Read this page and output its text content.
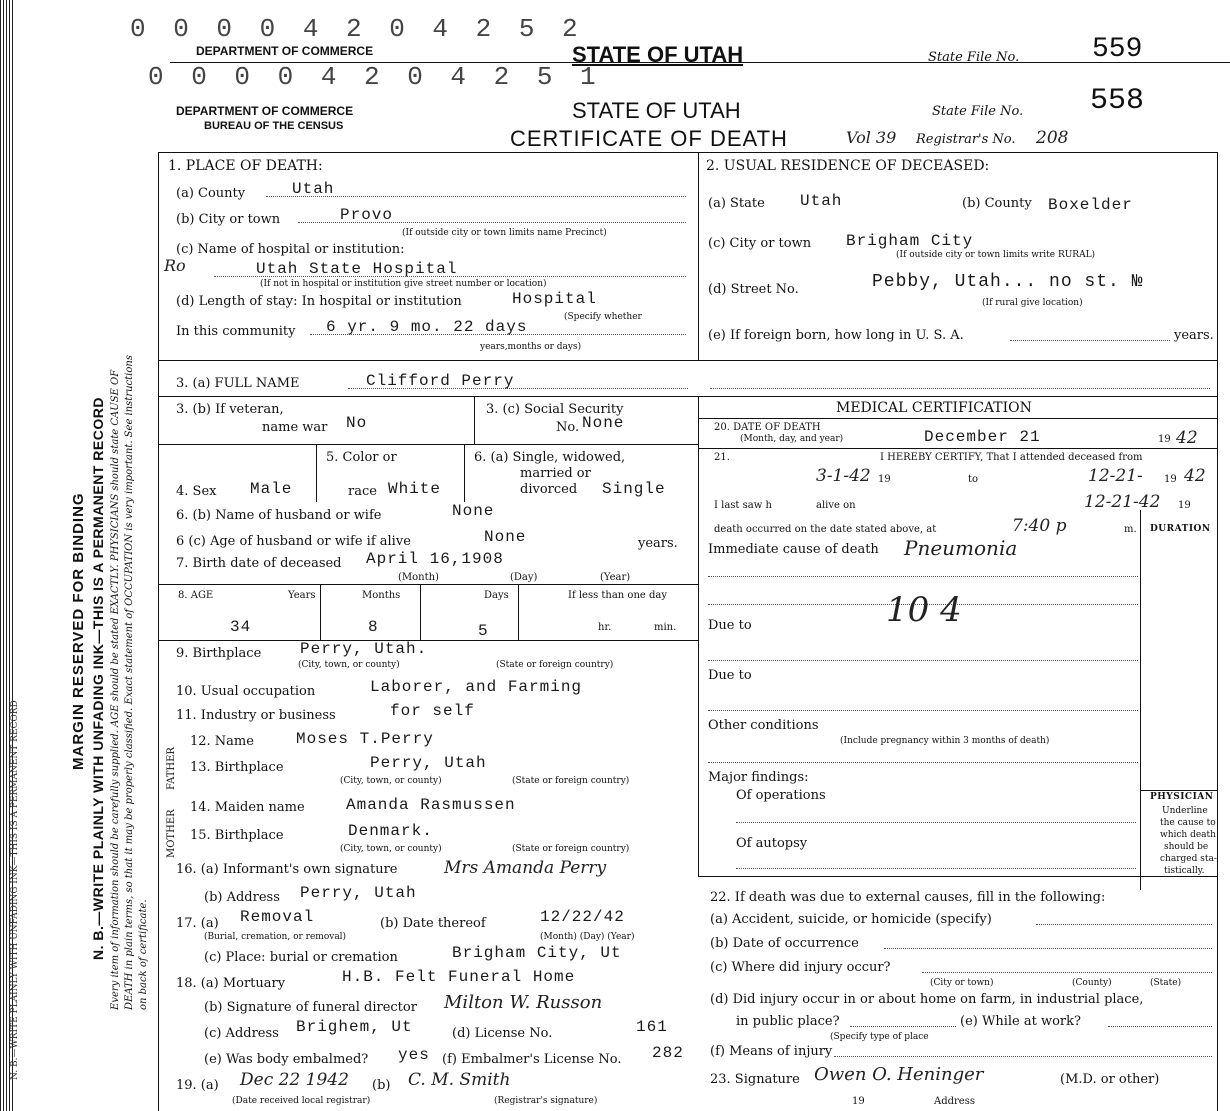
N. B.—WRITE PLAINLY WITH UNFADING INK—THIS IS A PERMANENT RECORD
0 0 0 0 4 2 0 4 2 5 2
DEPARTMENT OF COMMERCE	STATE OF UTAH	State File No.	559
0 0 0 0 4 2 0 4 2 5 1
DEPARTMENT OF COMMERCE
BUREAU OF THE CENSUS
STATE OF UTAH
CERTIFICATE OF DEATH
State File No. 558
Vol 39 Registrar's No. 208
MARGIN RESERVED FOR BINDING N. B.—WRITE PLAINLY WITH UNFADING INK—THIS IS A PERMANENT RECORD Every item of information should be carefully supplied. AGE should be stated EXACTLY. PHYSICIANS should state CAUSE OF DEATH in plain terms, so that it may be properly classified. Exact statement of OCCUPATION is very important. See instructions on back of certificate.
1. PLACE OF DEATH:
(a) County	Utah
(b) City or town	Provo
(If outside city or town limits name Precinct)
(c) Name of hospital or institution:
Ro	Utah State Hospital
(If not in hospital or institution give street number or location)
(d) Length of stay: In hospital or institution	Hospital
(Specify whether
In this community 6 yr. 9 mo. 22 days
years,months or days)
2. USUAL RESIDENCE OF DECEASED:
(a) State Utah	(b) County Boxelder
(c) City or town Brigham City
(If outside city or town limits write RURAL)
(d) Street No.	Pebby, Utah... no st. №
(If rural give location)
(e) If foreign born, how long in U. S. A.	years.
3. (a) FULL NAME	Clifford Perry
3. (b) If veteran,
name war No
3. (c) Social Security
No. None
5. Color or
race White
6. (a) Single, widowed,
married or
divorced Single
4. Sex Male
6. (b) Name of husband or wife	None
6 (c) Age of husband or wife if alive	None	years.
7. Birth date of deceased April 16,1908
(Month)	(Day)	(Year)
8. AGE	Years	Months	Days	If less than one day
34	8	5	hr.	min.
9. Birthplace Perry, Utah.
(City, town, or county)	(State or foreign country)
10. Usual occupation	Laborer, and Farming
11. Industry or business	for self
FATHER
MOTHER
12. Name	Moses T.Perry
13. Birthplace	Perry, Utah
(City, town, or county)	(State or foreign country)
14. Maiden name	Amanda Rasmussen
15. Birthplace	Denmark.
(City, town, or county)	(State or foreign country)
16. (a) Informant's own signature	Mrs Amanda Perry
(b) Address Perry, Utah
17. (a) Removal
(Burial, cremation, or removal)
(b) Date thereof	12/22/42
(Month) (Day) (Year)
(c) Place: burial or cremation	Brigham City, Ut
18. (a) Mortuary	H.B. Felt Funeral Home
(b) Signature of funeral director Milton W. Russon
(c) Address Brighem, Ut	(d) License No.	161
(e) Was body embalmed? yes (f) Embalmer's License No. 282
19. (a) Dec 22 1942
(Date received local registrar)
(b) C. M. Smith
(Registrar's signature)
MEDICAL CERTIFICATION
20. DATE OF DEATH
(Month, day, and year)	December 21	19 42
21.	I HEREBY CERTIFY, That I attended deceased from
3-1-42 19	to	12-21- 19 42
I last saw h	alive on	12-21-42 19
death occurred on the date stated above, at	7:40 p	m. DURATION
Immediate cause of death Pneumonia
Due to	10 4
Due to
Other conditions
(Include pregnancy within 3 months of death)
Major findings:
Of operations
Of autopsy
PHYSICIAN
Underline
the cause to
which death
should be
charged sta-
tistically.
22. If death was due to external causes, fill in the following:
(a) Accident, suicide, or homicide (specify)
(b) Date of occurrence
(c) Where did injury occur?
(City or town)	(County)	(State)
(d) Did injury occur in or about home on farm, in industrial place,
in public place?	(e) While at work?
(Specify type of place
(f) Means of injury
23. Signature Owen O. Heninger	(M.D. or other)
19	Address
